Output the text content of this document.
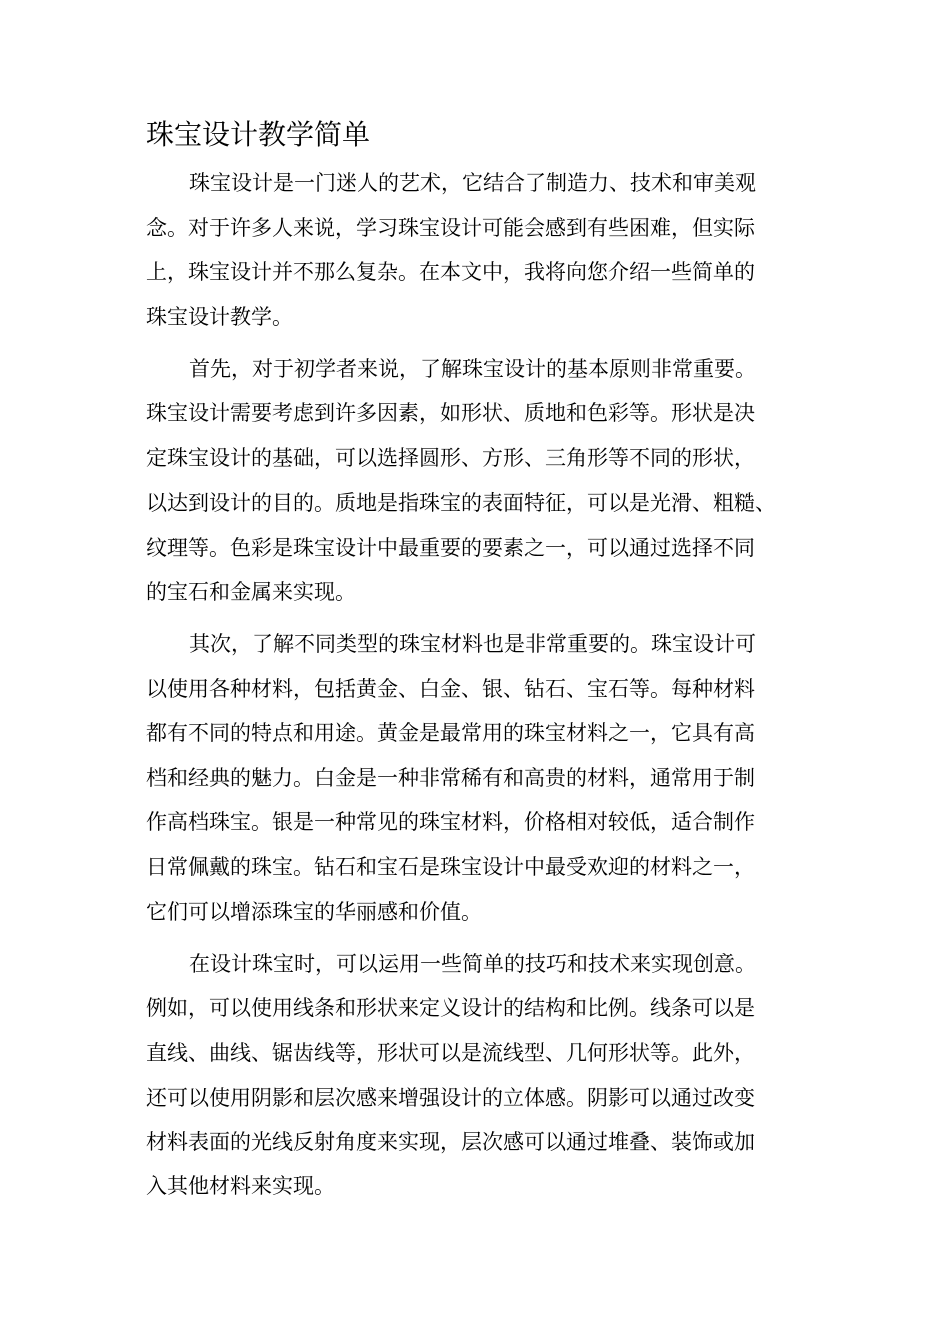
珠宝设计教学简单

珠宝设计是一门迷人的艺术，它结合了制造力、技术和审美观

念。对于许多人来说，学习珠宝设计可能会感到有些困难，但实际

上，珠宝设计并不那么复杂。在本文中，我将向您介绍一些简单的

珠宝设计教学。

首先，对于初学者来说，了解珠宝设计的基本原则非常重要。

珠宝设计需要考虑到许多因素，如形状、质地和色彩等。形状是决

定珠宝设计的基础，可以选择圆形、方形、三角形等不同的形状，

以达到设计的目的。质地是指珠宝的表面特征，可以是光滑、粗糙、

纹理等。色彩是珠宝设计中最重要的要素之一，可以通过选择不同

的宝石和金属来实现。

其次，了解不同类型的珠宝材料也是非常重要的。珠宝设计可

以使用各种材料，包括黄金、白金、银、钻石、宝石等。每种材料

都有不同的特点和用途。黄金是最常用的珠宝材料之一，它具有高

档和经典的魅力。白金是一种非常稀有和高贵的材料，通常用于制

作高档珠宝。银是一种常见的珠宝材料，价格相对较低，适合制作

日常佩戴的珠宝。钻石和宝石是珠宝设计中最受欢迎的材料之一，

它们可以增添珠宝的华丽感和价值。

在设计珠宝时，可以运用一些简单的技巧和技术来实现创意。

例如，可以使用线条和形状来定义设计的结构和比例。线条可以是

直线、曲线、锯齿线等，形状可以是流线型、几何形状等。此外，

还可以使用阴影和层次感来增强设计的立体感。阴影可以通过改变

材料表面的光线反射角度来实现，层次感可以通过堆叠、装饰或加

入其他材料来实现。
